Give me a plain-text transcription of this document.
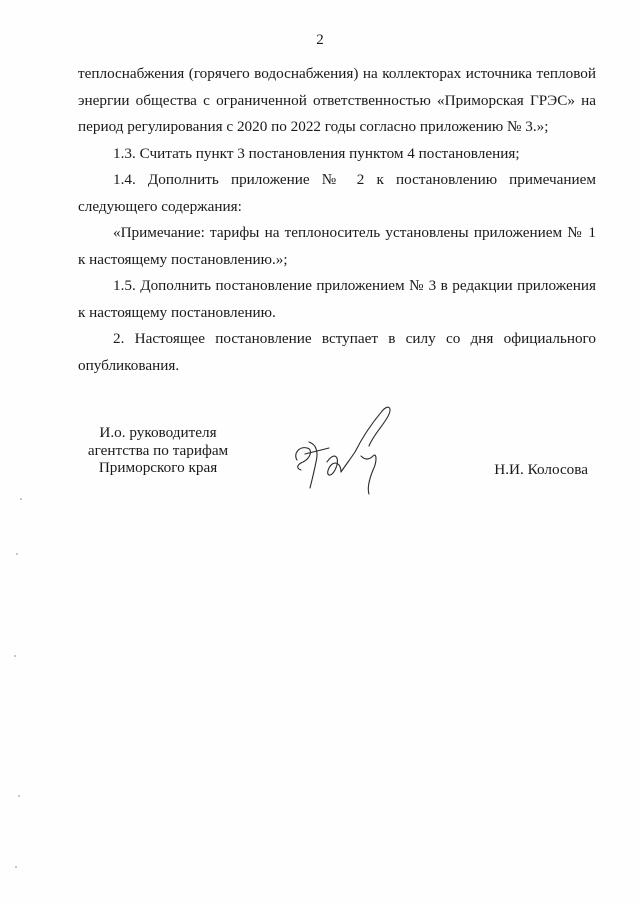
2

теплоснабжения (горячего водоснабжения) на коллекторах источника тепловой
энергии общества с ограниченной ответственностью «Приморская ГРЭС» на
период регулирования с 2020 по 2022 годы согласно приложению № 3.»;

1.3. Считать пункт 3 постановления пунктом 4 постановления;

1.4. Дополнить приложение № 2 к постановлению примечанием
следующего содержания:

«Примечание: тарифы на теплоноситель установлены приложением № 1
к настоящему постановлению.»;

1.5. Дополнить постановление приложением № 3 в редакции приложения
к настоящему постановлению.

2. Настоящее постановление вступает в силу со дня официального
опубликования.

И.о. руководителя
агентства по тарифам
Приморского края	Н.И. Колосова
